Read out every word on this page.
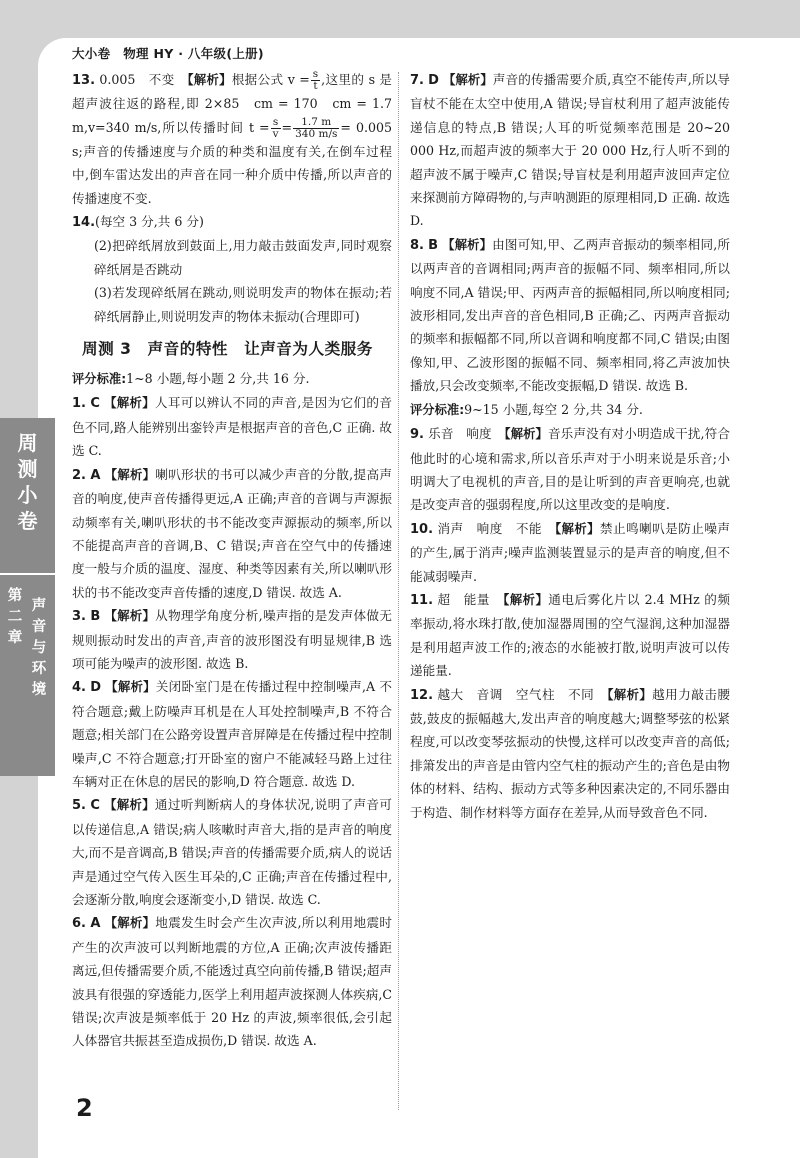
大小卷　物理 HY · 八年级(上册)
周
测
小
卷
第
二
章
声
音
与
环
境

13. 0.005　不变　【解析】根据公式 $v = \frac{s}{t}$ ,这里的 s 是超声波往返的路程,即 2×85　cm = 170　cm = 1.7　m,v=340 m/s,所以传播时间 $t = \frac{s}{v} = \frac{1.7 m}{340 m/s} = 0.005$ s;声音的传播速度与介质的种类和温度有关,在倒车过程中,倒车雷达发出的声音在同一种介质中传播,所以声音的传播速度不变.

14.(每空 3 分,共 6 分)

(2)把碎纸屑放到鼓面上,用力敲击鼓面发声,同时观察碎纸屑是否跳动

(3)若发现碎纸屑在跳动,则说明发声的物体在振动;若碎纸屑静止,则说明发声的物体未振动(合理即可)

周测 3　声音的特性　让声音为人类服务

评分标准:1~8 小题,每小题 2 分,共 16 分.

1. C 【解析】人耳可以辨认不同的声音,是因为它们的音色不同,路人能辨别出銮铃声是根据声音的音色,C 正确. 故选 C.

2. A 【解析】喇叭形状的书可以减少声音的分散,提高声音的响度,使声音传播得更远,A 正确;声音的音调与声源振动频率有关,喇叭形状的书不能改变声源振动的频率,所以不能提高声音的音调,B、C 错误;声音在空气中的传播速度一般与介质的温度、湿度、种类等因素有关,所以喇叭形状的书不能改变声音传播的速度,D 错误. 故选 A.

3. B 【解析】从物理学角度分析,噪声指的是发声体做无规则振动时发出的声音,声音的波形图没有明显规律,B 选项可能为噪声的波形图. 故选 B.

4. D 【解析】关闭卧室门是在传播过程中控制噪声,A 不符合题意;戴上防噪声耳机是在人耳处控制噪声,B 不符合题意;相关部门在公路旁设置声音屏障是在传播过程中控制噪声,C 不符合题意;打开卧室的窗户不能减轻马路上过往车辆对正在休息的居民的影响,D 符合题意. 故选 D.

5. C 【解析】通过听判断病人的身体状况,说明了声音可以传递信息,A 错误;病人咳嗽时声音大,指的是声音的响度大,而不是音调高,B 错误;声音的传播需要介质,病人的说话声是通过空气传入医生耳朵的,C 正确;声音在传播过程中,会逐渐分散,响度会逐渐变小,D 错误. 故选 C.

6. A 【解析】地震发生时会产生次声波,所以利用地震时产生的次声波可以判断地震的方位,A 正确;次声波传播距离远,但传播需要介质,不能透过真空向前传播,B 错误;超声波具有很强的穿透能力,医学上利用超声波探测人体疾病,C 错误;次声波是频率低于 20 Hz 的声波,频率很低,会引起人体器官共振甚至造成损伤,D 错误. 故选 A.

7. D 【解析】声音的传播需要介质,真空不能传声,所以导盲杖不能在太空中使用,A 错误;导盲杖利用了超声波能传递信息的特点,B 错误;人耳的听觉频率范围是 20~20 000 Hz,而超声波的频率大于 20 000 Hz,行人听不到的超声波不属于噪声,C 错误;导盲杖是利用超声波回声定位来探测前方障碍物的,与声呐测距的原理相同,D 正确. 故选 D.

8. B 【解析】由图可知,甲、乙两声音振动的频率相同,所以两声音的音调相同;两声音的振幅不同、频率相同,所以响度不同,A 错误;甲、丙两声音的振幅相同,所以响度相同;波形相同,发出声音的音色相同,B 正确;乙、丙两声音振动的频率和振幅都不同,所以音调和响度都不同,C 错误;由图像知,甲、乙波形图的振幅不同、频率相同,将乙声波加快播放,只会改变频率,不能改变振幅,D 错误. 故选 B.

评分标准:9~15 小题,每空 2 分,共 34 分.

9. 乐音　响度　【解析】音乐声没有对小明造成干扰,符合他此时的心境和需求,所以音乐声对于小明来说是乐音;小明调大了电视机的声音,目的是让听到的声音更响亮,也就是改变声音的强弱程度,所以这里改变的是响度.

10. 消声　响度　不能　【解析】禁止鸣喇叭是防止噪声的产生,属于消声;噪声监测装置显示的是声音的响度,但不能减弱噪声.

11. 超　能量　【解析】通电后雾化片以 2.4 MHz 的频率振动,将水珠打散,使加湿器周围的空气湿润,这种加湿器是利用超声波工作的;液态的水能被打散,说明声波可以传递能量.

12. 越大　音调　空气柱　不同　【解析】越用力敲击腰鼓,鼓皮的振幅越大,发出声音的响度越大;调整琴弦的松紧程度,可以改变琴弦振动的快慢,这样可以改变声音的高低;排箫发出的声音是由管内空气柱的振动产生的;音色是由物体的材料、结构、振动方式等多种因素决定的,不同乐器由于构造、制作材料等方面存在差异,从而导致音色不同.

2
